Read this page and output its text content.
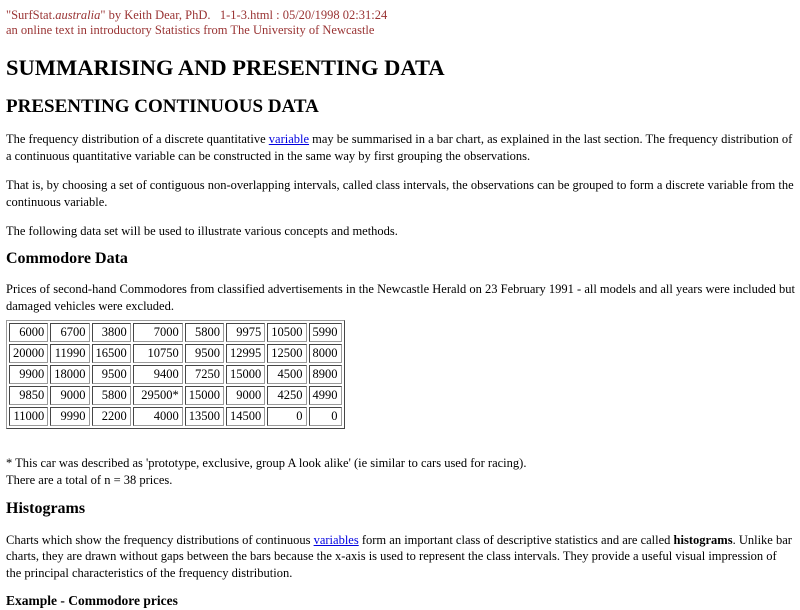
"SurfStat.australia" by Keith Dear, PhD.   1-1-3.html : 05/20/1998 02:31:24
an online text in introductory Statistics from The University of Newcastle
SUMMARISING AND PRESENTING DATA
PRESENTING CONTINUOUS DATA

The frequency distribution of a discrete quantitative variable may be summarised in a bar chart, as explained in the last section. The frequency distribution of a continuous quantitative variable can be constructed in the same way by first grouping the observations.

That is, by choosing a set of contiguous non-overlapping intervals, called class intervals, the observations can be grouped to form a discrete variable from the continuous variable.

The following data set will be used to illustrate various concepts and methods.

Commodore Data

Prices of second-hand Commodores from classified advertisements in the Newcastle Herald on 23 February 1991 - all models and all years were included but damaged vehicles were excluded.

6000	6700	3800	7000	5800	9975	10500	5990
20000	11990	16500	10750	9500	12995	12500	8000
9900	18000	9500	9400	7250	15000	4500	8900
9850	9000	5800	29500*	15000	9000	4250	4990
11000	9990	2200	4000	13500	14500	0	0

* This car was described as 'prototype, exclusive, group A look alike' (ie similar to cars used for racing).
There are a total of n = 38 prices.

Histograms

Charts which show the frequency distributions of continuous variables form an important class of descriptive statistics and are called histograms. Unlike bar charts, they are drawn without gaps between the bars because the x-axis is used to represent the class intervals. They provide a useful visual impression of the principal characteristics of the frequency distribution.

Example - Commodore prices
